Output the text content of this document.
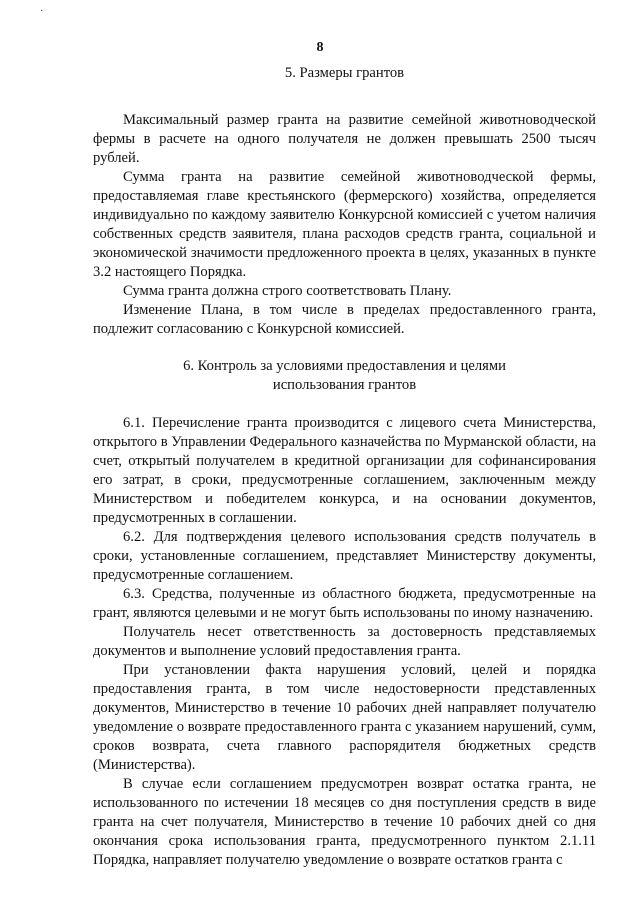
·
8

5. Размеры грантов

Максимальный размер гранта на развитие семейной животноводческой фермы в расчете на одного получателя не должен превышать 2500 тысяч рублей.

Сумма гранта на развитие семейной животноводческой фермы, предоставляемая главе крестьянского (фермерского) хозяйства, определяется индивидуально по каждому заявителю Конкурсной комиссией с учетом наличия собственных средств заявителя, плана расходов средств гранта, социальной и экономической значимости предложенного проекта в целях, указанных в пункте 3.2 настоящего Порядка.

Сумма гранта должна строго соответствовать Плану.

Изменение Плана, в том числе в пределах предоставленного гранта, подлежит согласованию с Конкурсной комиссией.

6. Контроль за условиями предоставления и целями

использования грантов

6.1. Перечисление гранта производится с лицевого счета Министерства, открытого в Управлении Федерального казначейства по Мурманской области, на счет, открытый получателем в кредитной организации для софинансирования его затрат, в сроки, предусмотренные соглашением, заключенным между Министерством и победителем конкурса, и на основании документов, предусмотренных в соглашении.

6.2. Для подтверждения целевого использования средств получатель в сроки, установленные соглашением, представляет Министерству документы, предусмотренные соглашением.

6.3. Средства, полученные из областного бюджета, предусмотренные на грант, являются целевыми и не могут быть использованы по иному назначению.

Получатель несет ответственность за достоверность представляемых документов и выполнение условий предоставления гранта.

При установлении факта нарушения условий, целей и порядка предоставления гранта, в том числе недостоверности представленных документов, Министерство в течение 10 рабочих дней направляет получателю уведомление о возврате предоставленного гранта с указанием нарушений, сумм, сроков возврата, счета главного распорядителя бюджетных средств (Министерства).

В случае если соглашением предусмотрен возврат остатка гранта, не использованного по истечении 18 месяцев со дня поступления средств в виде гранта на счет получателя, Министерство в течение 10 рабочих дней со дня окончания срока использования гранта, предусмотренного пунктом 2.1.11 Порядка, направляет получателю уведомление о возврате остатков гранта с
